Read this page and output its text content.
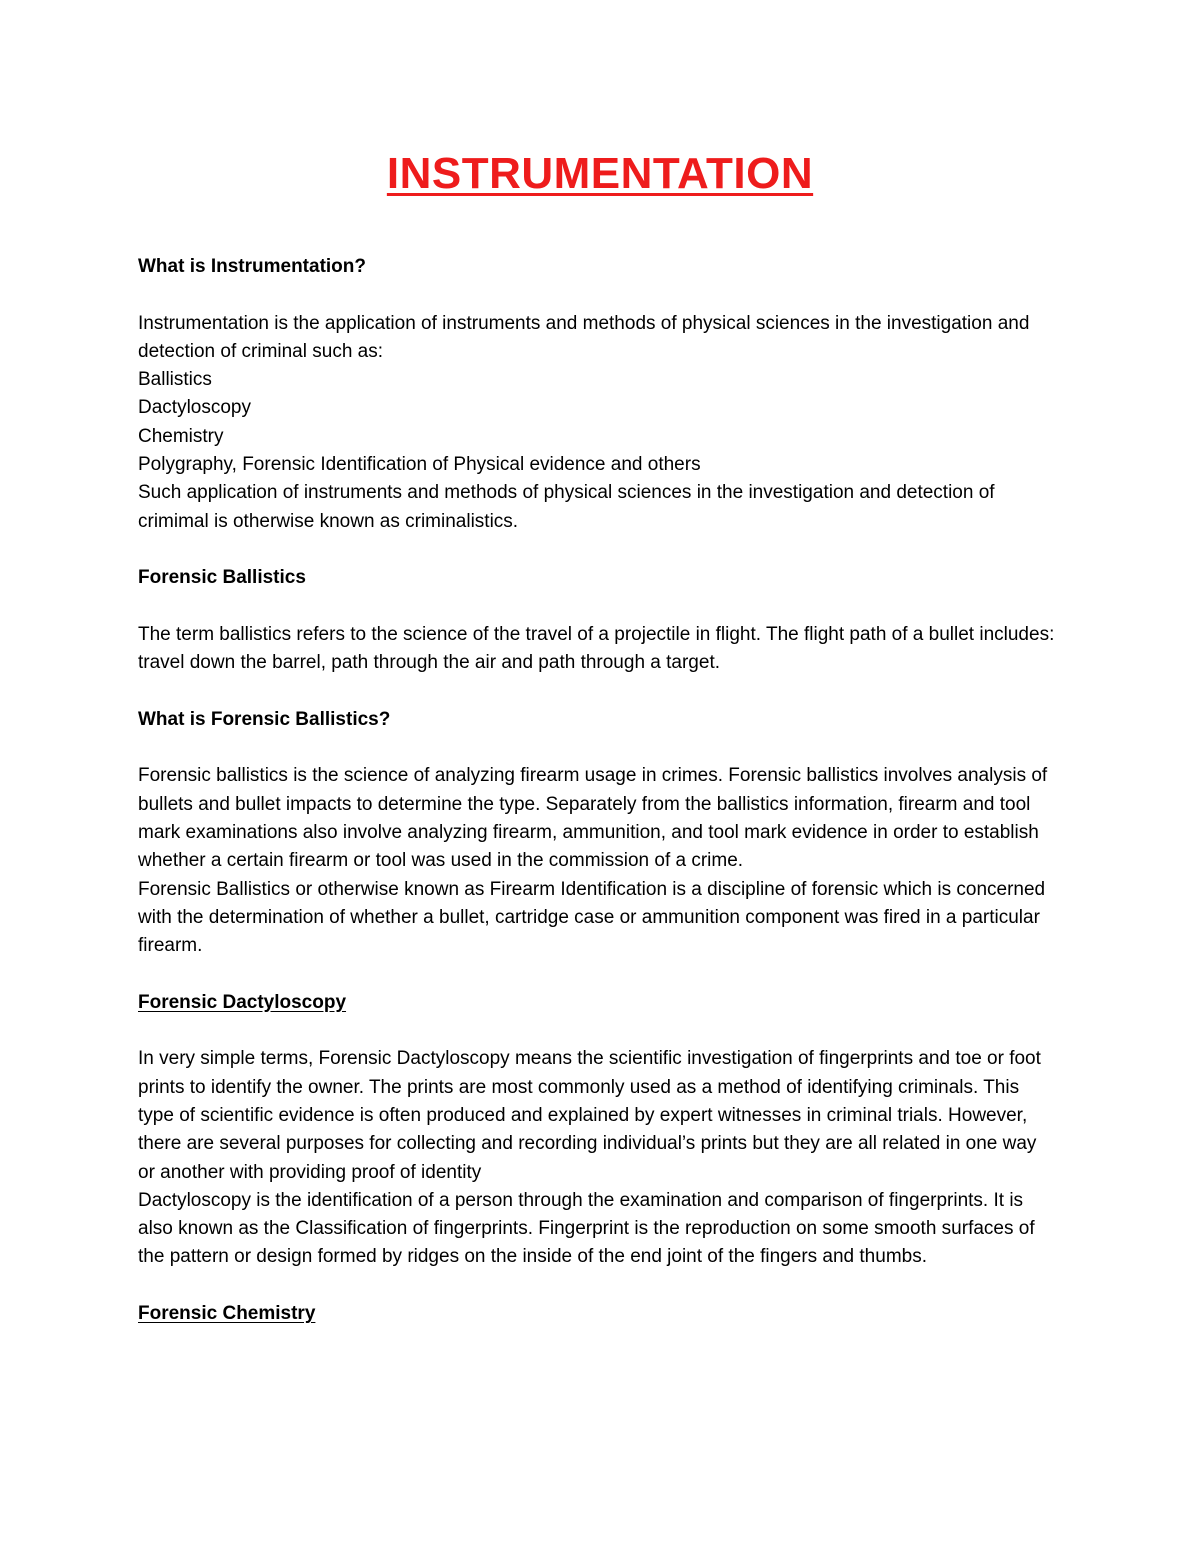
INSTRUMENTATION

What is Instrumentation?

Instrumentation is the application of instruments and methods of physical sciences in the investigation and detection of criminal such as:

Ballistics

Dactyloscopy

Chemistry

Polygraphy, Forensic Identification of Physical evidence and others

Such application of instruments and methods of physical sciences in the investigation and detection of crimimal is otherwise known as criminalistics.

Forensic Ballistics

The term ballistics refers to the science of the travel of a projectile in flight. The flight path of a bullet includes: travel down the barrel, path through the air and path through a target.

What is Forensic Ballistics?

Forensic ballistics is the science of analyzing firearm usage in crimes. Forensic ballistics involves analysis of bullets and bullet impacts to determine the type. Separately from the ballistics information, firearm and tool mark examinations also involve analyzing firearm, ammunition, and tool mark evidence in order to establish whether a certain firearm or tool was used in the commission of a crime.

Forensic Ballistics or otherwise known as Firearm Identification is a discipline of forensic which is concerned with the determination of whether a bullet, cartridge case or ammunition component was fired in a particular firearm.

Forensic Dactyloscopy

In very simple terms, Forensic Dactyloscopy means the scientific investigation of fingerprints and toe or foot prints to identify the owner. The prints are most commonly used as a method of identifying criminals. This type of scientific evidence is often produced and explained by expert witnesses in criminal trials. However, there are several purposes for collecting and recording individual’s prints but they are all related in one way or another with providing proof of identity

Dactyloscopy is the identification of a person through the examination and comparison of fingerprints. It is also known as the Classification of fingerprints. Fingerprint is the reproduction on some smooth surfaces of the pattern or design formed by ridges on the inside of the end joint of the fingers and thumbs.

Forensic Chemistry
